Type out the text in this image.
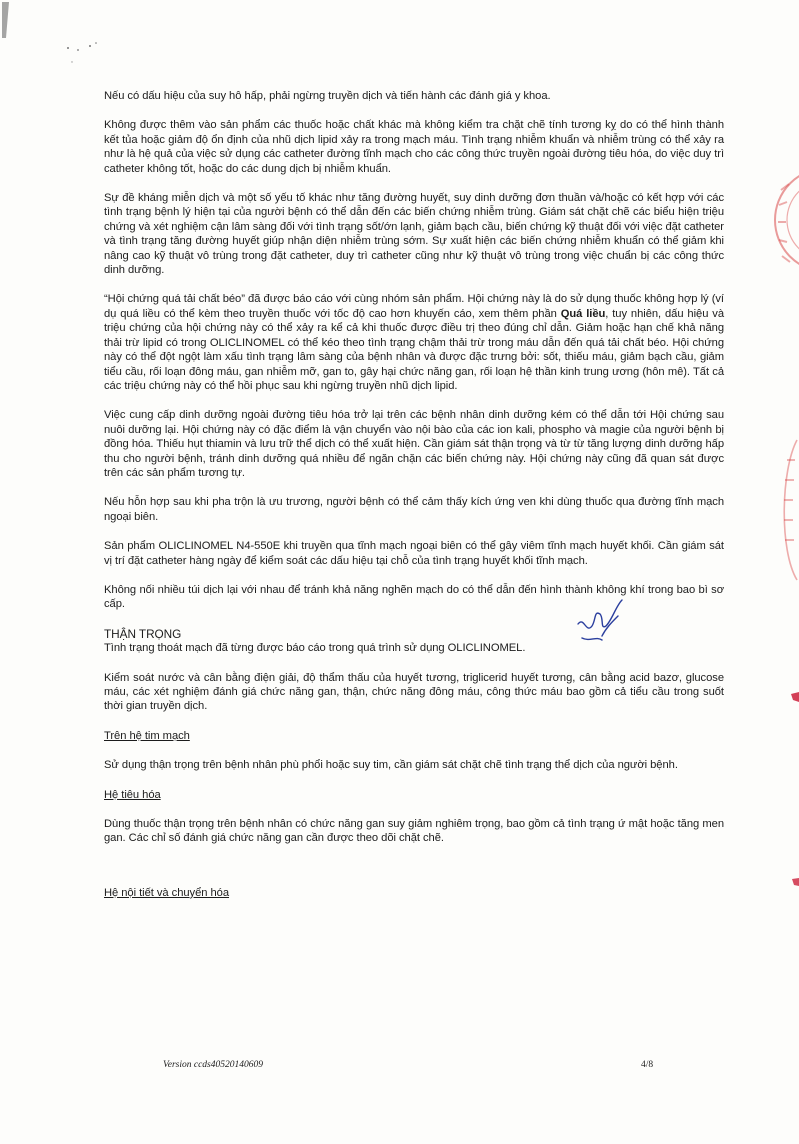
Nếu có dấu hiệu của suy hô hấp, phải ngừng truyền dịch và tiến hành các đánh giá y khoa.

Không được thêm vào sản phẩm các thuốc hoặc chất khác mà không kiểm tra chặt chẽ tính tương kỵ do có thể hình thành kết tủa hoặc giảm độ ổn định của nhũ dịch lipid xảy ra trong mạch máu. Tình trạng nhiễm khuẩn và nhiễm trùng có thể xảy ra như là hệ quả của việc sử dụng các catheter đường tĩnh mạch cho các công thức truyền ngoài đường tiêu hóa, do việc duy trì catheter không tốt, hoặc do các dung dịch bị nhiễm khuẩn.

Sự đề kháng miễn dịch và một số yếu tố khác như tăng đường huyết, suy dinh dưỡng đơn thuần và/hoặc có kết hợp với các tình trạng bệnh lý hiện tại của người bệnh có thể dẫn đến các biến chứng nhiễm trùng. Giám sát chặt chẽ các biểu hiện triệu chứng và xét nghiệm cận lâm sàng đối với tình trạng sốt/ớn lạnh, giảm bạch cầu, biến chứng kỹ thuật đối với việc đặt catheter và tình trạng tăng đường huyết giúp nhận diện nhiễm trùng sớm. Sự xuất hiện các biến chứng nhiễm khuẩn có thể giảm khi nâng cao kỹ thuật vô trùng trong đặt catheter, duy trì catheter cũng như kỹ thuật vô trùng trong việc chuẩn bị các công thức dinh dưỡng.

“Hội chứng quá tải chất béo” đã được báo cáo với cùng nhóm sản phẩm. Hội chứng này là do sử dụng thuốc không hợp lý (ví dụ quá liều có thể kèm theo truyền thuốc với tốc độ cao hơn khuyến cáo, xem thêm phần Quá liều, tuy nhiên, dấu hiệu và triệu chứng của hội chứng này có thể xảy ra kể cả khi thuốc được điều trị theo đúng chỉ dẫn. Giảm hoặc hạn chế khả năng thải trừ lipid có trong OLICLINOMEL có thể kéo theo tình trạng chậm thải trừ trong máu dẫn đến quá tải chất béo. Hội chứng này có thể đột ngột làm xấu tình trạng lâm sàng của bệnh nhân và được đặc trưng bởi: sốt, thiếu máu, giảm bạch cầu, giảm tiểu cầu, rối loạn đông máu, gan nhiễm mỡ, gan to, gây hại chức năng gan, rối loạn hệ thần kinh trung ương (hôn mê). Tất cả các triệu chứng này có thể hồi phục sau khi ngừng truyền nhũ dịch lipid.

Việc cung cấp dinh dưỡng ngoài đường tiêu hóa trở lại trên các bệnh nhân dinh dưỡng kém có thể dẫn tới Hội chứng sau nuôi dưỡng lại. Hội chứng này có đặc điểm là vận chuyển vào nội bào của các ion kali, phospho và magie của người bệnh bị đồng hóa. Thiếu hụt thiamin và lưu trữ thể dịch có thể xuất hiện. Cần giám sát thận trọng và từ từ tăng lượng dinh dưỡng hấp thu cho người bệnh, tránh dinh dưỡng quá nhiều để ngăn chặn các biến chứng này. Hội chứng này cũng đã quan sát được trên các sản phẩm tương tự.

Nếu hỗn hợp sau khi pha trộn là ưu trương, người bệnh có thể cảm thấy kích ứng ven khi dùng thuốc qua đường tĩnh mạch ngoại biên.

Sản phẩm OLICLINOMEL N4-550E khi truyền qua tĩnh mạch ngoại biên có thể gây viêm tĩnh mạch huyết khối. Cần giám sát vị trí đặt catheter hàng ngày để kiểm soát các dấu hiệu tại chỗ của tình trạng huyết khối tĩnh mạch.

Không nối nhiều túi dịch lại với nhau để tránh khả năng nghẽn mạch do có thể dẫn đến hình thành không khí trong bao bì sơ cấp.

THẬN TRỌNG

Tình trạng thoát mạch đã từng được báo cáo trong quá trình sử dụng OLICLINOMEL.

Kiểm soát nước và cân bằng điện giải, độ thẩm thấu của huyết tương, triglicerid huyết tương, cân bằng acid bazơ, glucose máu, các xét nghiệm đánh giá chức năng gan, thận, chức năng đông máu, công thức máu bao gồm cả tiểu cầu trong suốt thời gian truyền dịch.

Trên hệ tim mạch

Sử dụng thận trọng trên bệnh nhân phù phổi hoặc suy tim, cần giám sát chặt chẽ tình trạng thể dịch của người bệnh.

Hệ tiêu hóa

Dùng thuốc thận trọng trên bệnh nhân có chức năng gan suy giảm nghiêm trọng, bao gồm cả tình trạng ứ mật hoặc tăng men gan. Các chỉ số đánh giá chức năng gan cần được theo dõi chặt chẽ.

Hệ nội tiết và chuyển hóa

Version ccds40520140609	4/8
